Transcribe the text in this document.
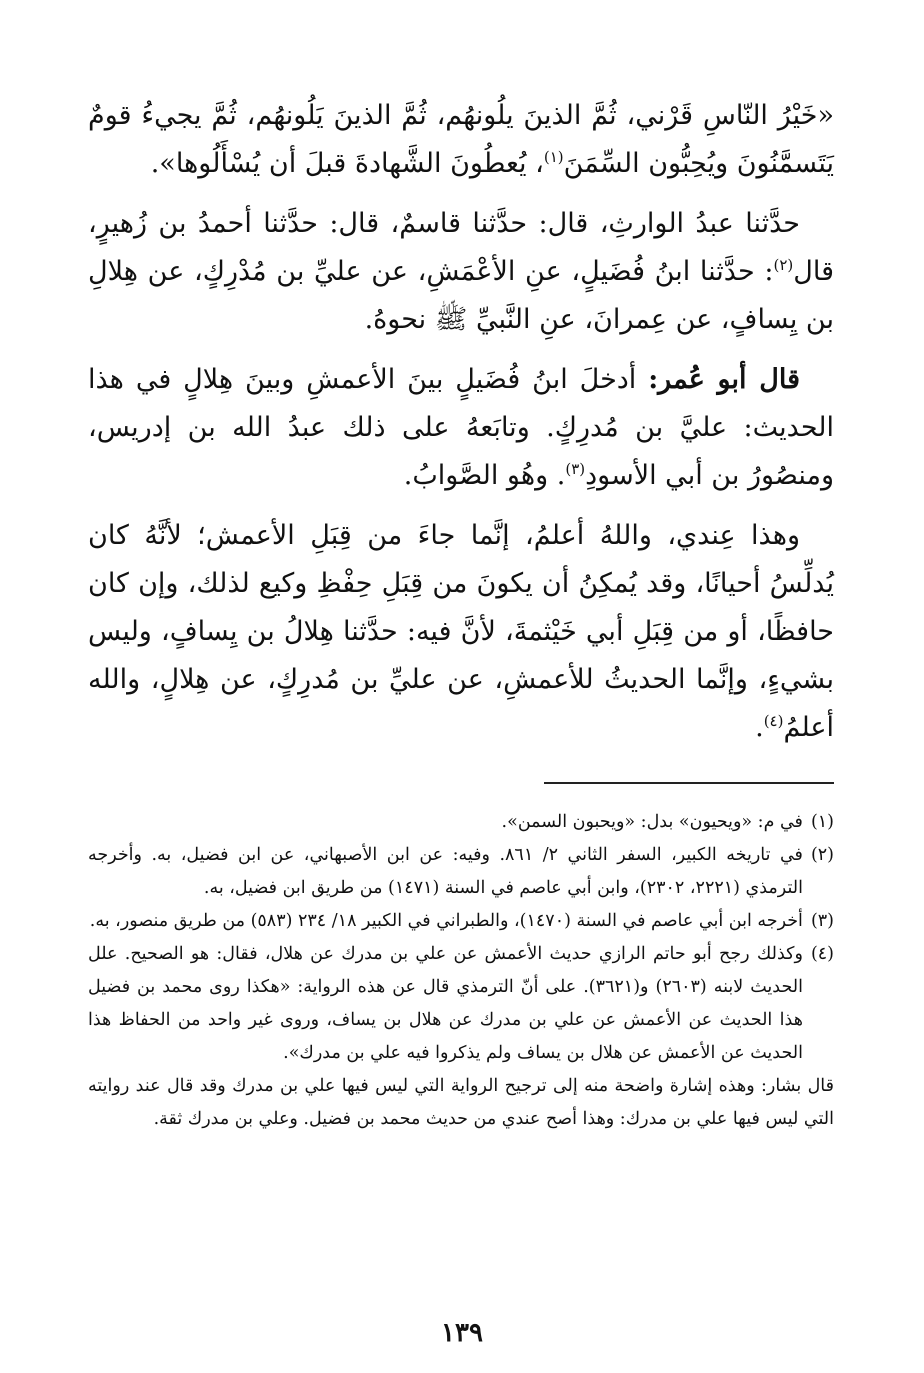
«خَيْرُ النّاسِ قَرْني، ثُمَّ الذينَ يلُونهُم، ثُمَّ الذينَ يَلُونهُم، ثُمَّ يجيءُ قومٌ يَتَسمَّنُونَ ويُحِبُّون السِّمَنَ$^{(١)}$، يُعطُونَ الشَّهادةَ قبلَ أن يُسْأَلُوها».

حدَّثنا عبدُ الوارثِ، قال: حدَّثنا قاسمٌ، قال: حدَّثنا أحمدُ بن زُهيرٍ، قال$^{(٢)}$: حدَّثنا ابنُ فُضَيلٍ، عنِ الأعْمَشِ، عن عليِّ بن مُدْرِكٍ، عن هِلالِ بن يِسافٍ، عن عِمرانَ، عنِ النَّبيِّ ﷺ نحوهُ.

قال أبو عُمر: أدخلَ ابنُ فُضَيلٍ بينَ الأعمشِ وبينَ هِلالٍ في هذا الحديث: عليَّ بن مُدرِكٍ. وتابَعهُ على ذلك عبدُ الله بن إدريس، ومنصُورُ بن أبي الأسودِ$^{(٣)}$. وهُو الصَّوابُ.

وهذا عِندي، واللهُ أعلمُ، إنَّما جاءَ من قِبَلِ الأعمش؛ لأنَّهُ كان يُدلِّسُ أحيانًا، وقد يُمكِنُ أن يكونَ من قِبَلِ حِفْظِ وكيع لذلك، وإن كان حافظًا، أو من قِبَلِ أبي خَيْثمةَ، لأنَّ فيه: حدَّثنا هِلالُ بن يِسافٍ، وليس بشيءٍ، وإنَّما الحديثُ للأعمشِ، عن عليِّ بن مُدرِكٍ، عن هِلالٍ، والله أعلمُ$^{(٤)}$.

(١)
في م: «ويحيون» بدل: «ويحبون السمن».
(٢)
في تاريخه الكبير، السفر الثاني ٢/ ٨٦١. وفيه: عن ابن الأصبهاني، عن ابن فضيل، به. وأخرجه الترمذي (٢٢٢١، ٢٣٠٢)، وابن أبي عاصم في السنة (١٤٧١) من طريق ابن فضيل، به.
(٣)
أخرجه ابن أبي عاصم في السنة (١٤٧٠)، والطبراني في الكبير ١٨/ ٢٣٤ (٥٨٣) من طريق منصور، به.
(٤)
وكذلك رجح أبو حاتم الرازي حديث الأعمش عن علي بن مدرك عن هلال، فقال: هو الصحيح. علل الحديث لابنه (٢٦٠٣) و(٣٦٢١). على أنّ الترمذي قال عن هذه الرواية: «هكذا روى محمد بن فضيل هذا الحديث عن الأعمش عن علي بن مدرك عن هلال بن يساف، وروى غير واحد من الحفاظ هذا الحديث عن الأعمش عن هلال بن يساف ولم يذكروا فيه علي بن مدرك».

قال بشار: وهذه إشارة واضحة منه إلى ترجيح الرواية التي ليس فيها علي بن مدرك وقد قال عند روايته التي ليس فيها علي بن مدرك: وهذا أصح عندي من حديث محمد بن فضيل. وعلي بن مدرك ثقة.

١٣٩
